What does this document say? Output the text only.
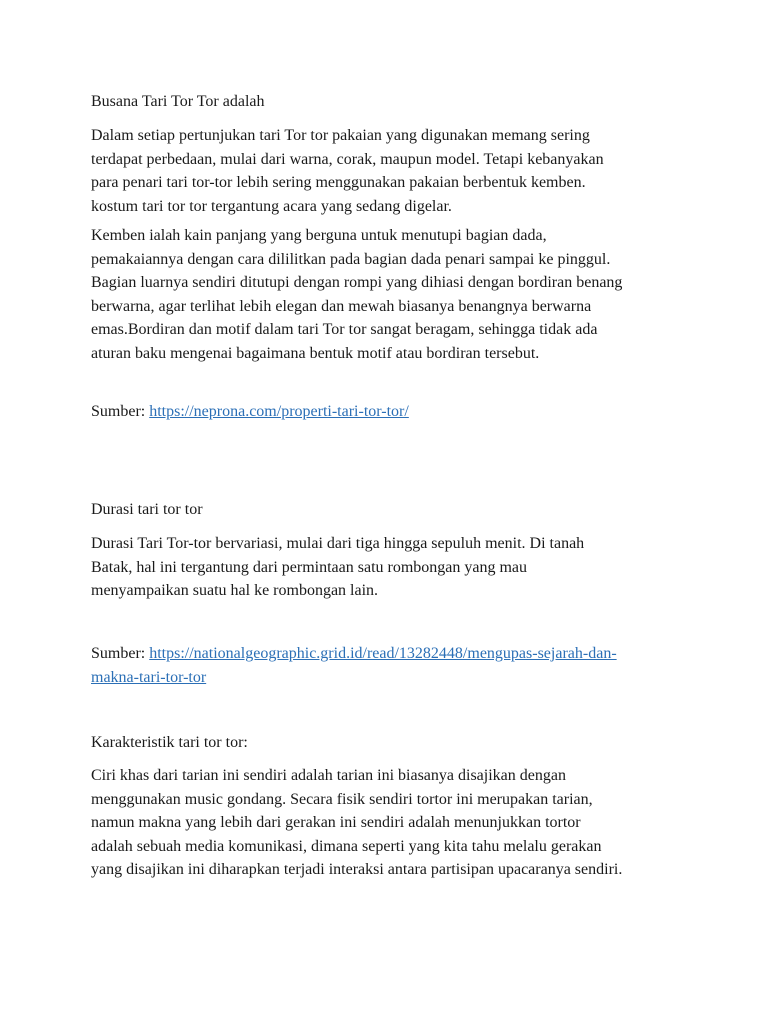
Busana Tari Tor Tor adalah
Dalam setiap pertunjukan tari Tor tor pakaian yang digunakan memang sering
terdapat perbedaan, mulai dari warna, corak, maupun model. Tetapi kebanyakan
para penari tari tor-tor lebih sering menggunakan pakaian berbentuk kemben.
kostum tari tor tor tergantung acara yang sedang digelar.
Kemben ialah kain panjang yang berguna untuk menutupi bagian dada,
pemakaiannya dengan cara dililitkan pada bagian dada penari sampai ke pinggul.
Bagian luarnya sendiri ditutupi dengan rompi yang dihiasi dengan bordiran benang
berwarna, agar terlihat lebih elegan dan mewah biasanya benangnya berwarna
emas.Bordiran dan motif dalam tari Tor tor sangat beragam, sehingga tidak ada
aturan baku mengenai bagaimana bentuk motif atau bordiran tersebut.
Sumber: https://neprona.com/properti-tari-tor-tor/
Durasi tari tor tor
Durasi Tari Tor-tor bervariasi, mulai dari tiga hingga sepuluh menit. Di tanah
Batak, hal ini tergantung dari permintaan satu rombongan yang mau
menyampaikan suatu hal ke rombongan lain.
Sumber: https://nationalgeographic.grid.id/read/13282448/mengupas-sejarah-dan-
makna-tari-tor-tor
Karakteristik tari tor tor:
Ciri khas dari tarian ini sendiri adalah tarian ini biasanya disajikan dengan
menggunakan music gondang. Secara fisik sendiri tortor ini merupakan tarian,
namun makna yang lebih dari gerakan ini sendiri adalah menunjukkan tortor
adalah sebuah media komunikasi, dimana seperti yang kita tahu melalu gerakan
yang disajikan ini diharapkan terjadi interaksi antara partisipan upacaranya sendiri.
